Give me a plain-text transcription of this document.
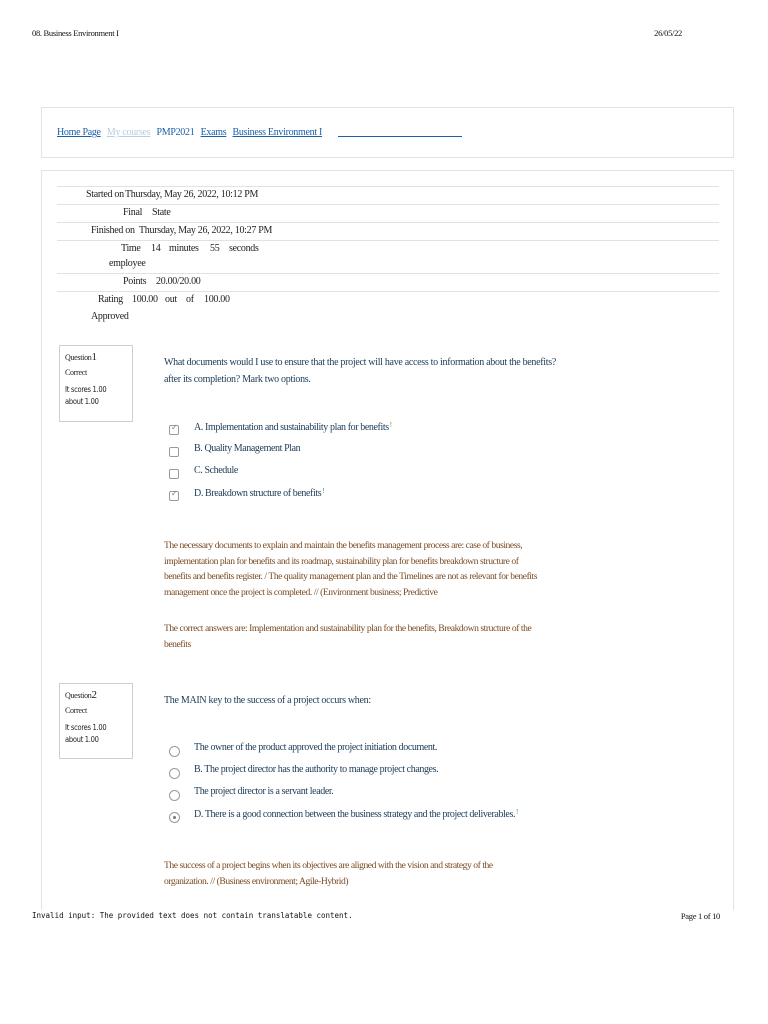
08. Business Environment I	26/05/22
Home Page My courses PMP2021 Exams Business Environment I
Started on Thursday, May 26, 2022, 10:12 PM
Final State
Finished on Thursday, May 26, 2022, 10:27 PM
Time 14 minutes 55 seconds
employee
Points 20.00/20.00
Rating 100.00 out of 100.00
Approved
Question1
Correct
It scores 1.00
about 1.00
What documents would I use to ensure that the project will have access to information about the benefits? after its completion? Mark two options.
✓
A. Implementation and sustainability plan for benefits!
B. Quality Management Plan
C. Schedule
✓
D. Breakdown structure of benefits!
The necessary documents to explain and maintain the benefits management process are: case of business, implementation plan for benefits and its roadmap, sustainability plan for benefits breakdown structure of benefits and benefits register. / The quality management plan and the Timelines are not as relevant for benefits management once the project is completed. // (Environment business; Predictive
The correct answers are: Implementation and sustainability plan for the benefits, Breakdown structure of the benefits
Question2
Correct
It scores 1.00
about 1.00
The MAIN key to the success of a project occurs when:
The owner of the product approved the project initiation document.
B. The project director has the authority to manage project changes.
The project director is a servant leader.
D. There is a good connection between the business strategy and the project deliverables.!
The success of a project begins when its objectives are aligned with the vision and strategy of the organization. // (Business environment; Agile-Hybrid)
Invalid input: The provided text does not contain translatable content.	Page 1 of 10
